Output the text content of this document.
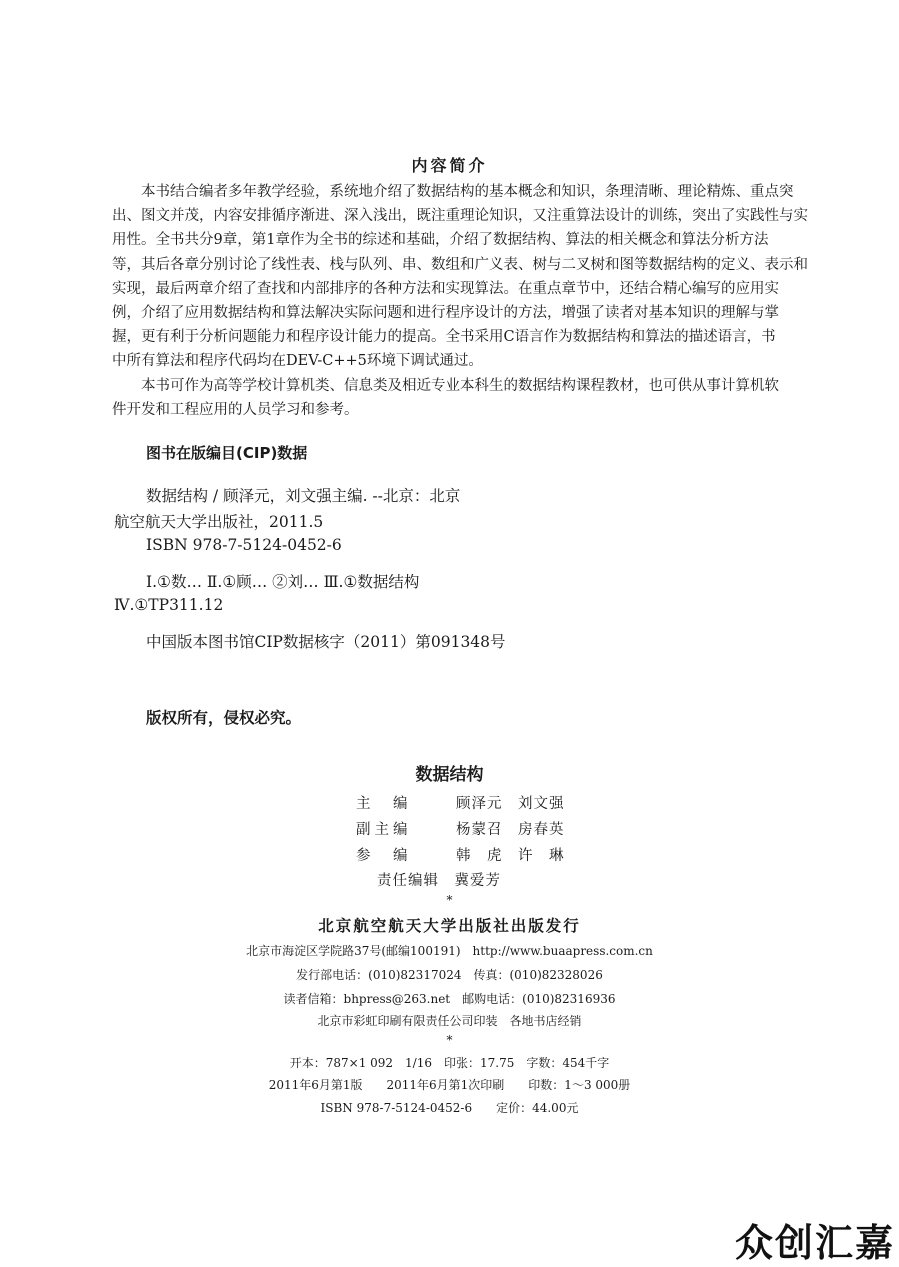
内容简介
本书结合编者多年教学经验，系统地介绍了数据结构的基本概念和知识，条理清晰、理论精炼、重点突
出、图文并茂，内容安排循序渐进、深入浅出，既注重理论知识，又注重算法设计的训练，突出了实践性与实
用性。全书共分9章，第1章作为全书的综述和基础，介绍了数据结构、算法的相关概念和算法分析方法
等，其后各章分别讨论了线性表、栈与队列、串、数组和广义表、树与二叉树和图等数据结构的定义、表示和
实现，最后两章介绍了查找和内部排序的各种方法和实现算法。在重点章节中，还结合精心编写的应用实
例，介绍了应用数据结构和算法解决实际问题和进行程序设计的方法，增强了读者对基本知识的理解与掌
握，更有利于分析问题能力和程序设计能力的提高。全书采用C语言作为数据结构和算法的描述语言，书
中所有算法和程序代码均在DEV-C++5环境下调试通过。
本书可作为高等学校计算机类、信息类及相近专业本科生的数据结构课程教材，也可供从事计算机软
件开发和工程应用的人员学习和参考。
图书在版编目(CIP)数据
数据结构 / 顾泽元，刘文强主编. --北京：北京
航空航天大学出版社，2011.5
ISBN 978-7-5124-0452-6
Ⅰ.①数… Ⅱ.①顾… ②刘… Ⅲ.①数据结构
Ⅳ.①TP311.12
中国版本图书馆CIP数据核字（2011）第091348号
版权所有，侵权必究。
数据结构
主　编	顾泽元　刘文强
副主编	杨蒙召　房春英
参　编	韩　虎　许　琳
责任编辑　 冀爱芳
*
北京航空航天大学出版社出版发行
北京市海淀区学院路37号(邮编100191)　http://www.buaapress.com.cn
发行部电话：(010)82317024　传真：(010)82328026
读者信箱：bhpress@263.net　邮购电话：(010)82316936
北京市彩虹印刷有限责任公司印装　各地书店经销
*
开本：787×1 092　1/16　印张：17.75　字数：454千字
2011年6月第1版　　2011年6月第1次印刷　　印数：1～3 000册
ISBN 978-7-5124-0452-6　　定价：44.00元
众创汇嘉
